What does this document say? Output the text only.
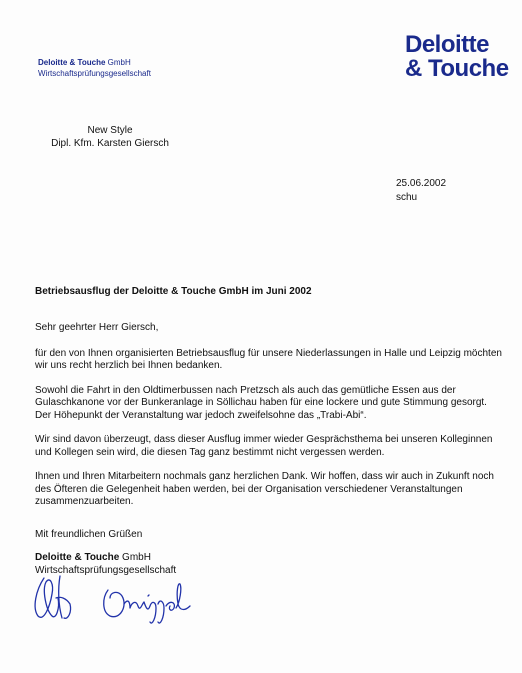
Deloitte & Touche GmbH
Wirtschaftsprüfungsgesellschaft
Deloitte
& Touche
New Style
Dipl. Kfm. Karsten Giersch
25.06.2002
schu
Betriebsausflug der Deloitte & Touche GmbH im Juni 2002

Sehr geehrter Herr Giersch,

für den von Ihnen organisierten Betriebsausflug für unsere Niederlassungen in Halle und Leipzig möchten wir uns recht herzlich bei Ihnen bedanken.

Sowohl die Fahrt in den Oldtimerbussen nach Pretzsch als auch das gemütliche Essen aus der Gulaschkanone vor der Bunkeranlage in Söllichau haben für eine lockere und gute Stimmung gesorgt. Der Höhepunkt der Veranstaltung war jedoch zweifelsohne das „Trabi-Abi“.

Wir sind davon überzeugt, dass dieser Ausflug immer wieder Gesprächsthema bei unseren Kolleginnen und Kollegen sein wird, die diesen Tag ganz bestimmt nicht vergessen werden.

Ihnen und Ihren Mitarbeitern nochmals ganz herzlichen Dank. Wir hoffen, dass wir auch in Zukunft noch des Öfteren die Gelegenheit haben werden, bei der Organisation verschiedener Veranstaltungen zusammenzuarbeiten.

Mit freundlichen Grüßen
Deloitte & Touche GmbH
Wirtschaftsprüfungsgesellschaft
